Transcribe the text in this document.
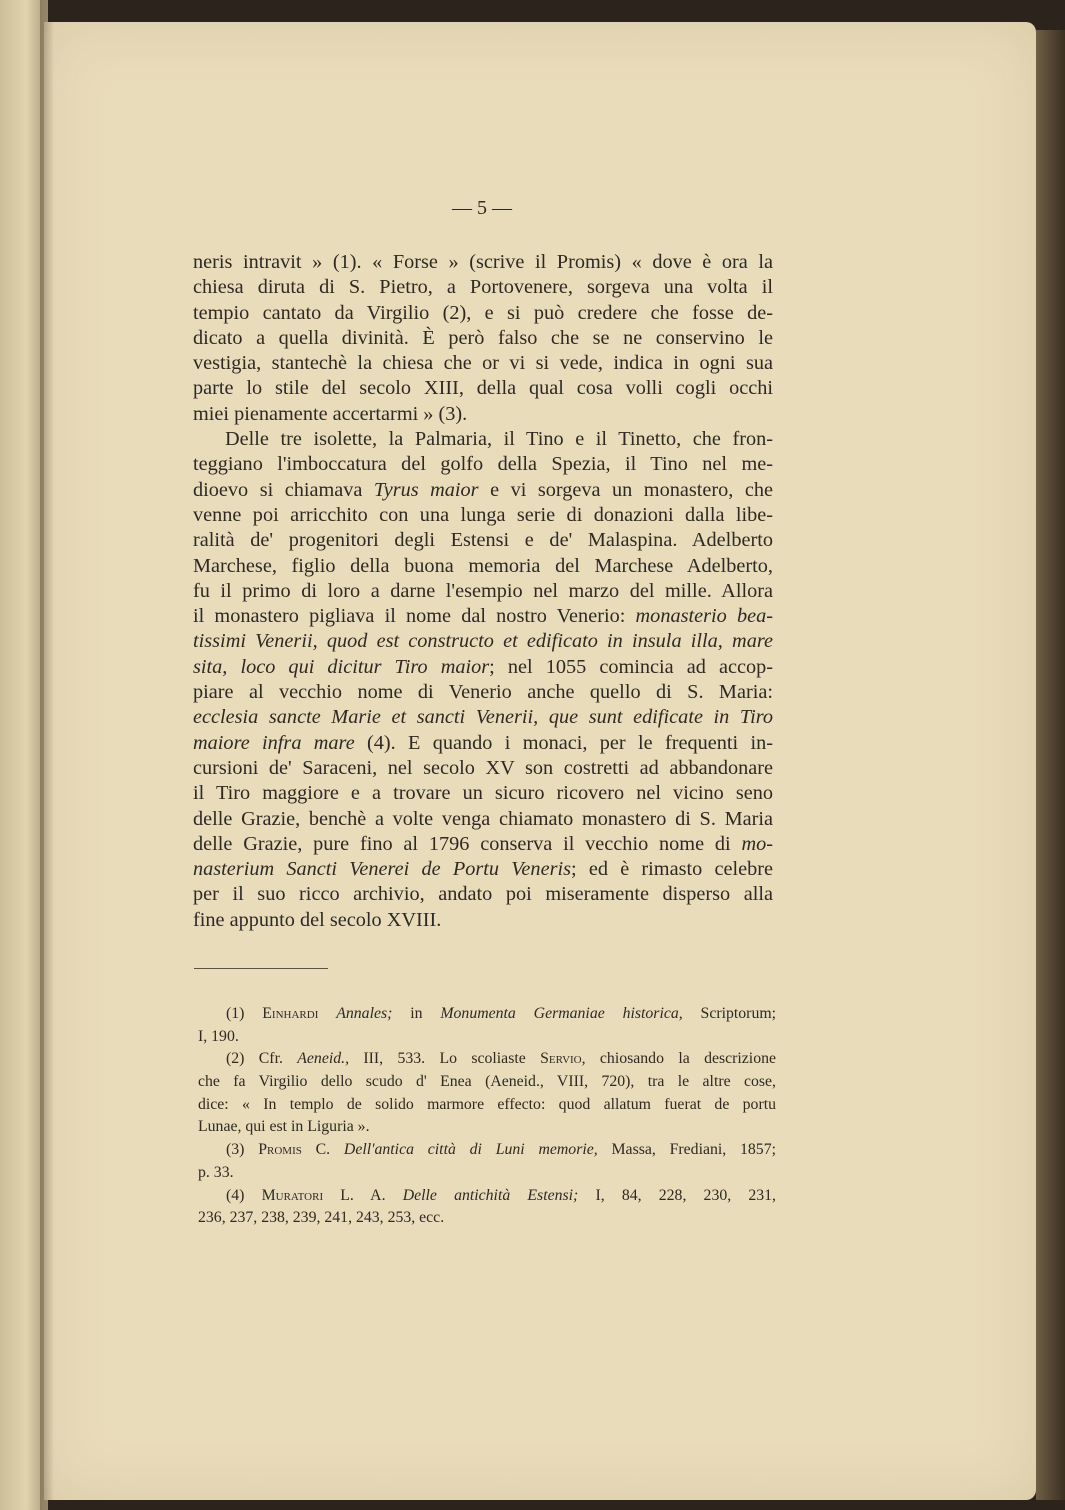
— 5 —
neris intravit » (1). « Forse » (scrive il Promis) « dove è ora la
chiesa diruta di S. Pietro, a Portovenere, sorgeva una volta il
tempio cantato da Virgilio (2), e si può credere che fosse de-
dicato a quella divinità. È però falso che se ne conservino le
vestigia, stantechè la chiesa che or vi si vede, indica in ogni sua
parte lo stile del secolo XIII, della qual cosa volli cogli occhi
miei pienamente accertarmi » (3).
Delle tre isolette, la Palmaria, il Tino e il Tinetto, che fron-
teggiano l'imboccatura del golfo della Spezia, il Tino nel me-
dioevo si chiamava Tyrus maior e vi sorgeva un monastero, che
venne poi arricchito con una lunga serie di donazioni dalla libe-
ralità de' progenitori degli Estensi e de' Malaspina. Adelberto
Marchese, figlio della buona memoria del Marchese Adelberto,
fu il primo di loro a darne l'esempio nel marzo del mille. Allora
il monastero pigliava il nome dal nostro Venerio: monasterio bea-
tissimi Venerii, quod est constructo et edificato in insula illa, mare
sita, loco qui dicitur Tiro maior; nel 1055 comincia ad accop-
piare al vecchio nome di Venerio anche quello di S. Maria:
ecclesia sancte Marie et sancti Venerii, que sunt edificate in Tiro
maiore infra mare (4). E quando i monaci, per le frequenti in-
cursioni de' Saraceni, nel secolo XV son costretti ad abbandonare
il Tiro maggiore e a trovare un sicuro ricovero nel vicino seno
delle Grazie, benchè a volte venga chiamato monastero di S. Maria
delle Grazie, pure fino al 1796 conserva il vecchio nome di mo-
nasterium Sancti Venerei de Portu Veneris; ed è rimasto celebre
per il suo ricco archivio, andato poi miseramente disperso alla
fine appunto del secolo XVIII.
(1) Einhardi Annales; in Monumenta Germaniae historica, Scriptorum;
I, 190.
(2) Cfr. Aeneid., III, 533. Lo scoliaste Servio, chiosando la descrizione
che fa Virgilio dello scudo d' Enea (Aeneid., VIII, 720), tra le altre cose,
dice: « In templo de solido marmore effecto: quod allatum fuerat de portu
Lunae, qui est in Liguria ».
(3) Promis C. Dell'antica città di Luni memorie, Massa, Frediani, 1857;
p. 33.
(4) Muratori L. A. Delle antichità Estensi; I, 84, 228, 230, 231,
236, 237, 238, 239, 241, 243, 253, ecc.
